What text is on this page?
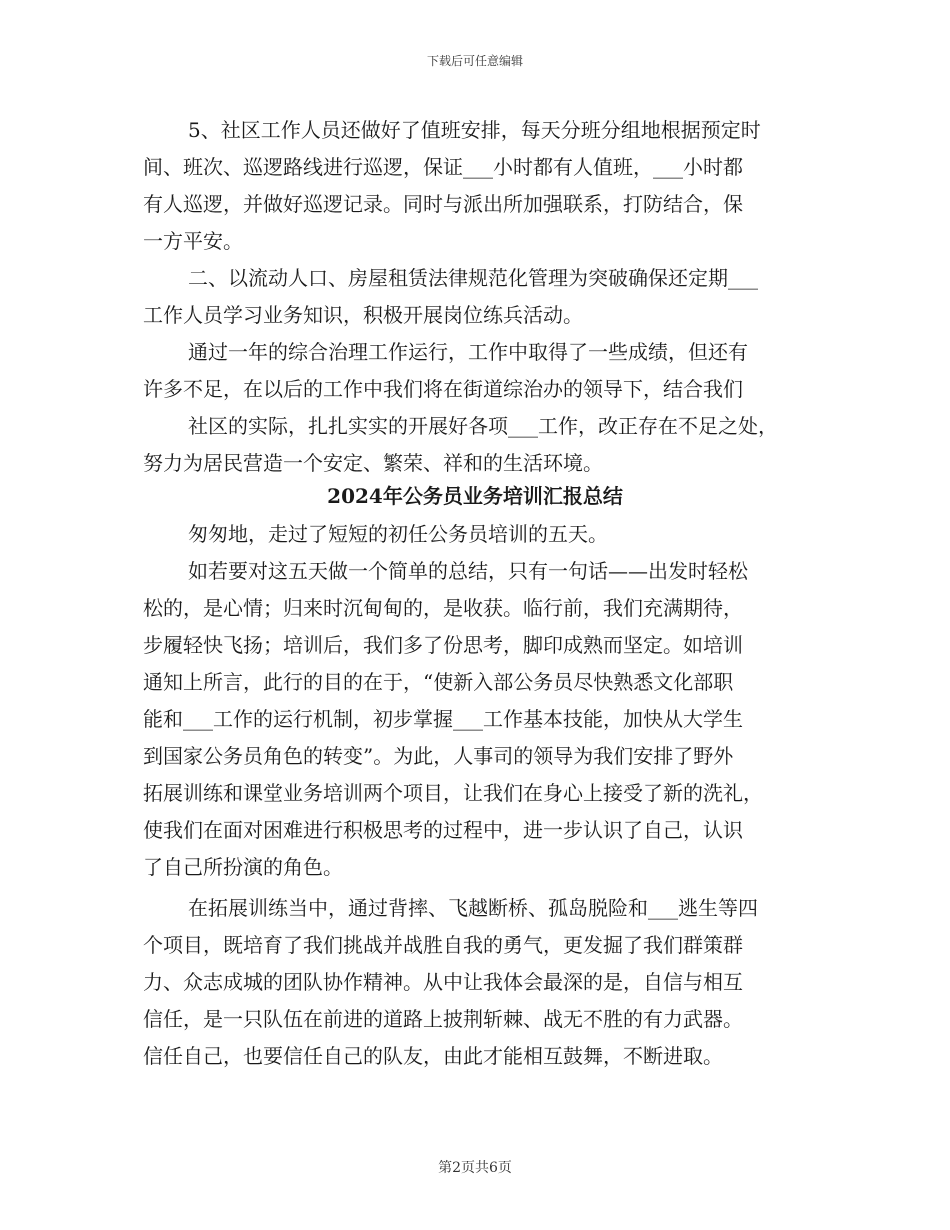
下载后可任意编辑
5、社区工作人员还做好了值班安排，每天分班分组地根据预定时
间、班次、巡逻路线进行巡逻，保证___小时都有人值班，___小时都
有人巡逻，并做好巡逻记录。同时与派出所加强联系，打防结合，保
一方平安。
二、以流动人口、房屋租赁法律规范化管理为突破确保还定期___
工作人员学习业务知识，积极开展岗位练兵活动。
通过一年的综合治理工作运行，工作中取得了一些成绩，但还有
许多不足，在以后的工作中我们将在街道综治办的领导下，结合我们
社区的实际，扎扎实实的开展好各项___工作，改正存在不足之处，
努力为居民营造一个安定、繁荣、祥和的生活环境。
2024年公务员业务培训汇报总结
匆匆地，走过了短短的初任公务员培训的五天。
如若要对这五天做一个简单的总结，只有一句话——出发时轻松
松的，是心情；归来时沉甸甸的，是收获。临行前，我们充满期待，
步履轻快飞扬；培训后，我们多了份思考，脚印成熟而坚定。如培训
通知上所言，此行的目的在于，“使新入部公务员尽快熟悉文化部职
能和___工作的运行机制，初步掌握___工作基本技能，加快从大学生
到国家公务员角色的转变”。为此，人事司的领导为我们安排了野外
拓展训练和课堂业务培训两个项目，让我们在身心上接受了新的洗礼，
使我们在面对困难进行积极思考的过程中，进一步认识了自己，认识
了自己所扮演的角色。
在拓展训练当中，通过背摔、飞越断桥、孤岛脱险和___逃生等四
个项目，既培育了我们挑战并战胜自我的勇气，更发掘了我们群策群
力、众志成城的团队协作精神。从中让我体会最深的是，自信与相互
信任，是一只队伍在前进的道路上披荆斩棘、战无不胜的有力武器。
信任自己，也要信任自己的队友，由此才能相互鼓舞，不断进取。
第2页共6页
